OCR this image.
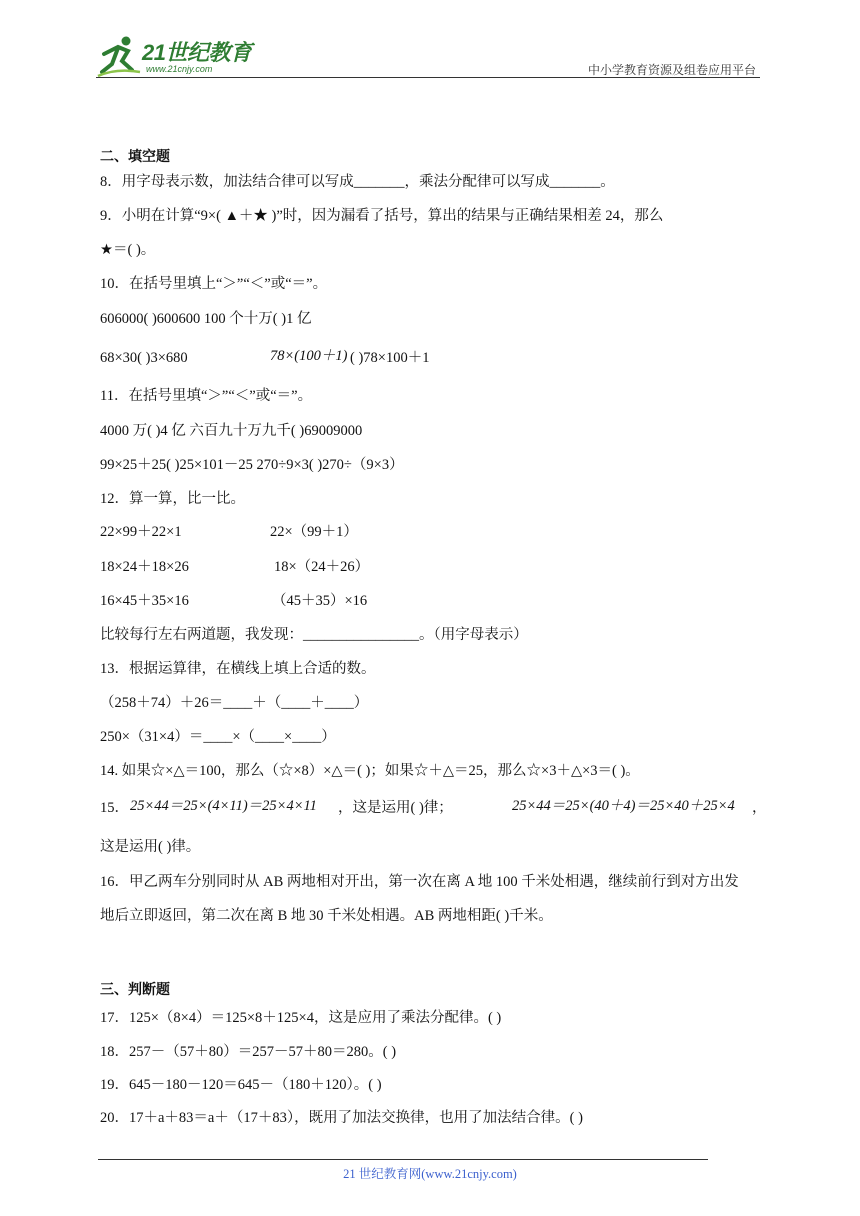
21世纪教育
www.21cnjy.com	中小学教育资源及组卷应用平台
二、填空题
8．用字母表示数，加法结合律可以写成_______，乘法分配律可以写成_______。
9．小明在计算“9×( ▲＋★ )”时，因为漏看了括号，算出的结果与正确结果相差 24，那么
★＝( )。
10．在括号里填上“＞”“＜”或“＝”。
606000( )600600 100 个十万( )1 亿
68×30( )3×680	78×(100＋1) ( )78×100＋1
11．在括号里填“＞”“＜”或“＝”。
4000 万( )4 亿 六百九十万九千( )69009000
99×25＋25( )25×101－25 270÷9×3( )270÷（9×3）
12．算一算，比一比。
22×99＋22×1	22×（99＋1）
18×24＋18×26	18×（24＋26）
16×45＋35×16	（45＋35）×16
比较每行左右两道题，我发现：________________。（用字母表示）
13．根据运算律，在横线上填上合适的数。
（258＋74）＋26＝____＋（____＋____）
250×（31×4）＝____×（____×____）
14. 如果☆×△＝100，那么（☆×8）×△＝( )；如果☆＋△＝25，那么☆×3＋△×3＝( )。
15． 25×44＝25×(4×11)＝25×4×11 ，这是运用( )律；	25×44＝25×(40＋4)＝25×40＋25×4 ，
这是运用( )律。
16．甲乙两车分别同时从 AB 两地相对开出，第一次在离 A 地 100 千米处相遇，继续前行到对方出发
地后立即返回，第二次在离 B 地 30 千米处相遇。AB 两地相距( )千米。
三、判断题
17．125×（8×4）＝125×8＋125×4，这是应用了乘法分配律。( )
18．257－（57＋80）＝257－57＋80＝280。( )
19．645－180－120＝645－（180＋120）。( )
20．17＋a＋83＝a＋（17＋83），既用了加法交换律，也用了加法结合律。( )
21 世纪教育网(www.21cnjy.com)
